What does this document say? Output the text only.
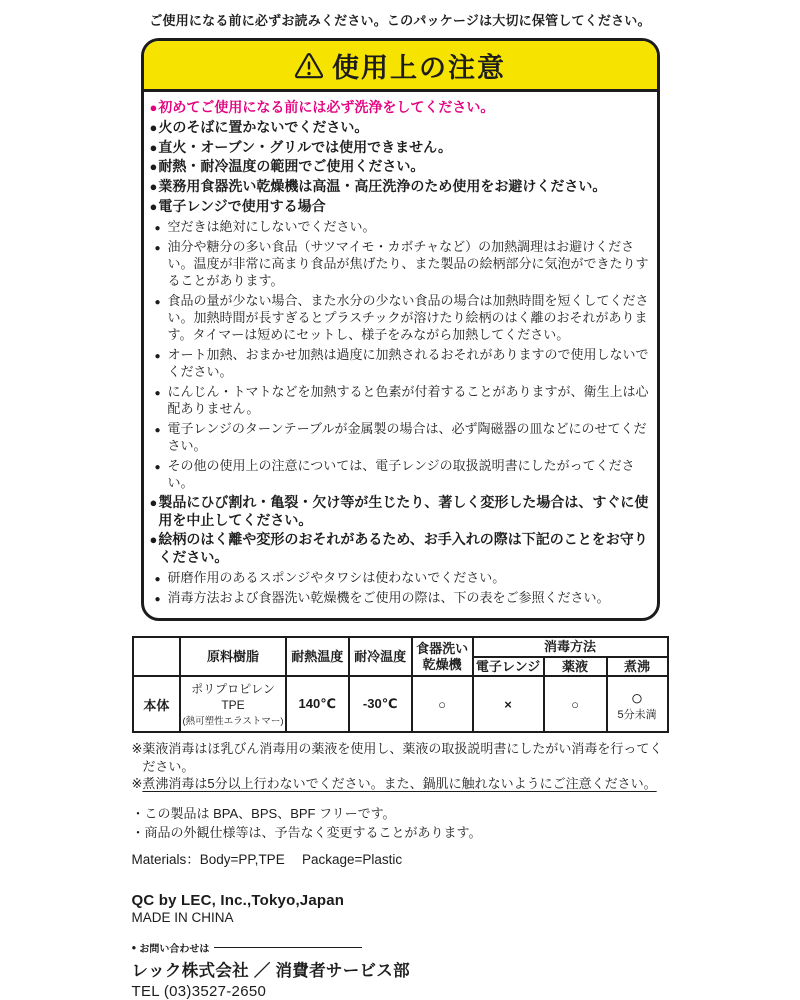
ご使用になる前に必ずお読みください。このパッケージは大切に保管してください。
使用上の注意
● 初めてご使用になる前には必ず洗浄をしてください。
● 火のそばに置かないでください。
● 直火・オーブン・グリルでは使用できません。
● 耐熱・耐冷温度の範囲でご使用ください。
● 業務用食器洗い乾燥機は高温・高圧洗浄のため使用をお避けください。
● 電子レンジで使用する場合
● 空だきは絶対にしないでください。
● 油分や糖分の多い食品（サツマイモ・カボチャなど）の加熱調理はお避けください。温度が非常に高まり食品が焦げたり、また製品の絵柄部分に気泡ができたりすることがあります。
● 食品の量が少ない場合、また水分の少ない食品の場合は加熱時間を短くしてください。加熱時間が長すぎるとプラスチックが溶けたり絵柄のはく離のおそれがあります。タイマーは短めにセットし、様子をみながら加熱してください。
● オート加熱、おまかせ加熱は過度に加熱されるおそれがありますので使用しないでください。
● にんじん・トマトなどを加熱すると色素が付着することがありますが、衛生上は心配ありません。
● 電子レンジのターンテーブルが金属製の場合は、必ず陶磁器の皿などにのせてください。
● その他の使用上の注意については、電子レンジの取扱説明書にしたがってください。
● 製品にひび割れ・亀裂・欠け等が生じたり、著しく変形した場合は、すぐに使用を中止してください。
● 絵柄のはく離や変形のおそれがあるため、お手入れの際は下記のことをお守りください。
● 研磨作用のあるスポンジやタワシは使わないでください。
● 消毒方法および食器洗い乾燥機をご使用の際は、下の表をご参照ください。
	原料樹脂	耐熱温度	耐冷温度	食器洗い
乾燥機	消毒方法		
					電子レンジ	薬液	煮沸
本体	ポリプロピレン
TPE
(熱可塑性エラストマー)	140℃	-30℃	○	×	○	○
5分未満
※ 薬液消毒はほ乳びん消毒用の薬液を使用し、薬液の取扱説明書にしたがい消毒を行ってください。
※ 煮沸消毒は5分以上行わないでください。また、鍋肌に触れないようにご注意ください。
・ この製品は BPA、BPS、BPF フリーです。
・ 商品の外観仕様等は、予告なく変更することがあります。
Materials：Body=PP,TPE　 Package=Plastic
QC by LEC, Inc.,Tokyo,Japan
MADE IN CHINA
● お問い合わせは
レック株式会社 ／ 消費者サービス部
TEL (03)3527-2650
